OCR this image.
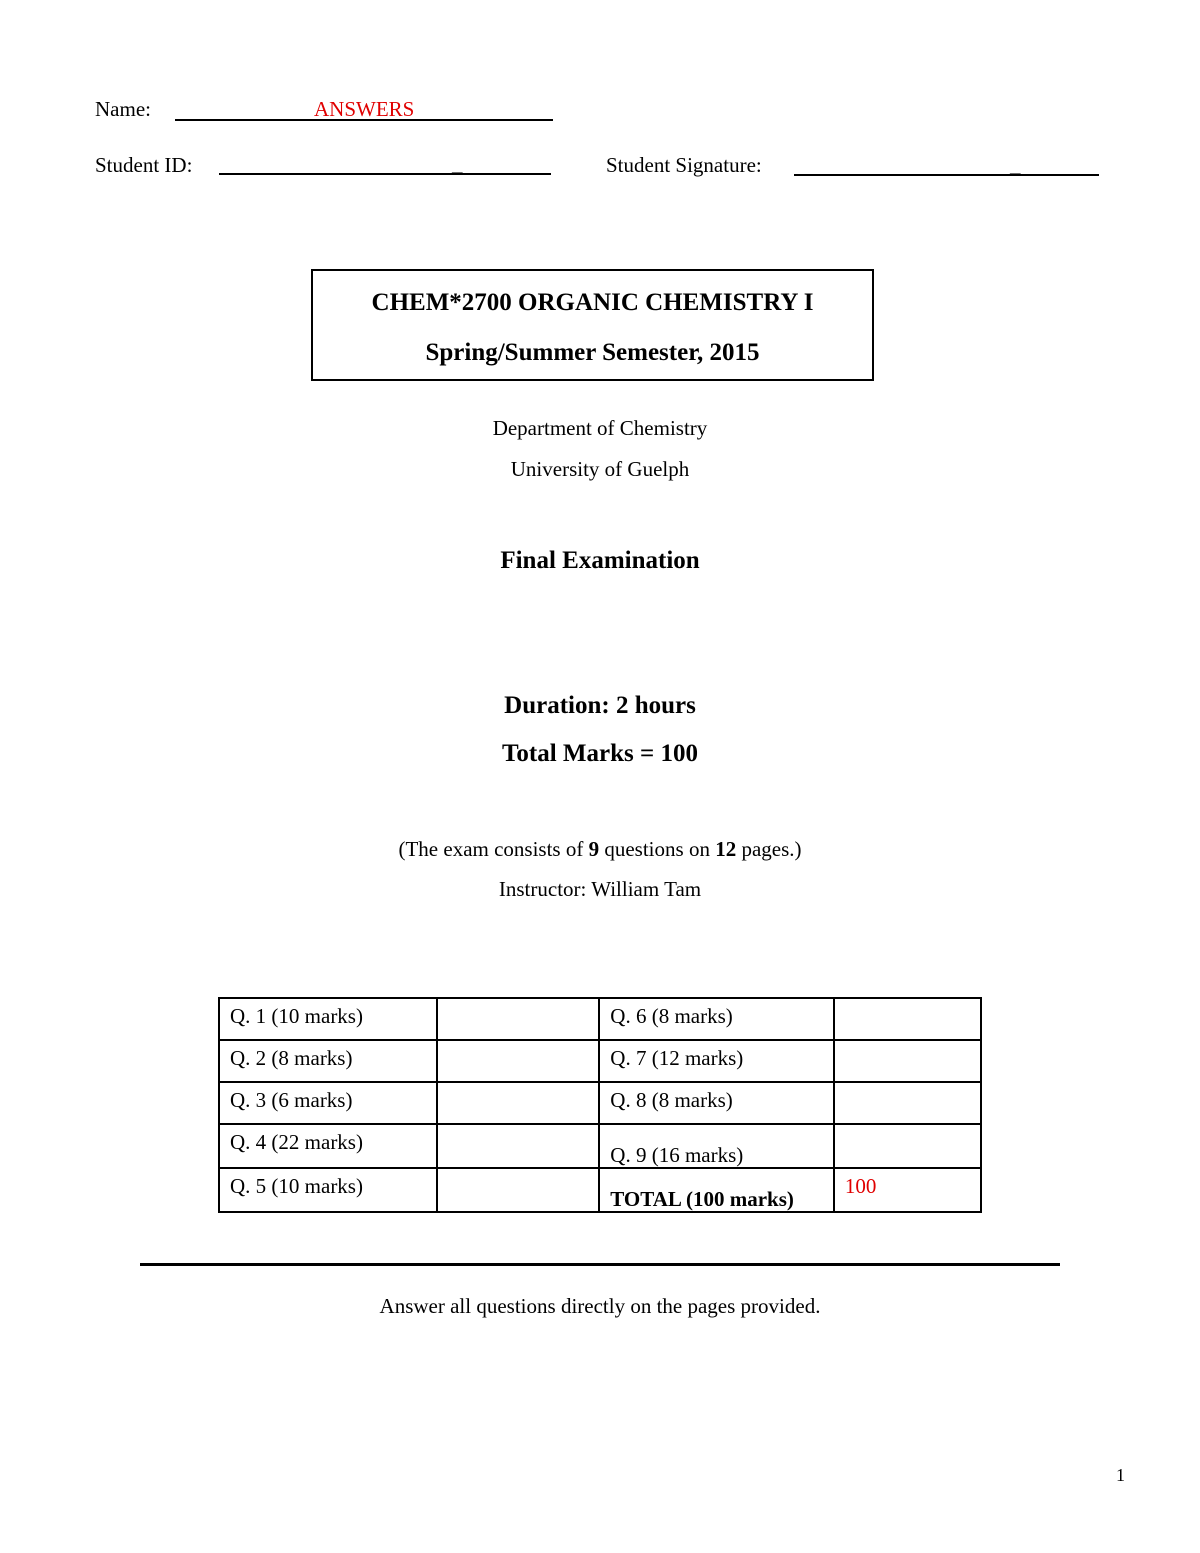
Name:	ANSWERS
Student ID:	_	Student Signature:	_
CHEM*2700 ORGANIC CHEMISTRY I
Spring/Summer Semester, 2015
Department of Chemistry
University of Guelph
Final Examination
Duration: 2 hours
Total Marks = 100
(The exam consists of 9 questions on 12 pages.)
Instructor: William Tam
Q. 1 (10 marks)		Q. 6 (8 marks)	

Q. 2 (8 marks)		Q. 7 (12 marks)	

Q. 3 (6 marks)		Q. 8 (8 marks)	

Q. 4 (22 marks)		Q. 9 (16 marks)	

Q. 5 (10 marks)		TOTAL (100 marks)	100
Answer all questions directly on the pages provided.
1
